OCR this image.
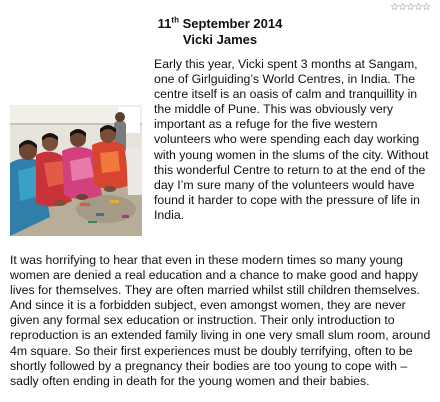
☆☆☆☆☆
11th September 2014
Vicki James

Early this year, Vicki spent 3 months at Sangam, one of Girlguiding’s World Centres, in India. The centre itself is an oasis of calm and tranquillity in the middle of Pune. This was obviously very important as a refuge for the five western volunteers who were spending each day working with young women in the slums of the city. Without this wonderful Centre to return to at the end of the day I’m sure many of the volunteers would have found it harder to cope with the pressure of life in India.

It was horrifying to hear that even in these modern times so many young women are denied a real education and a chance to make good and happy lives for themselves. They are often married whilst still children themselves. And since it is a forbidden subject, even amongst women, they are never given any formal sex education or instruction. Their only introduction to reproduction is an extended family living in one very small slum room, around 4m square. So their first experiences must be doubly terrifying, often to be shortly followed by a pregnancy their bodies are too young to cope with – sadly often ending in death for the young women and their babies.
